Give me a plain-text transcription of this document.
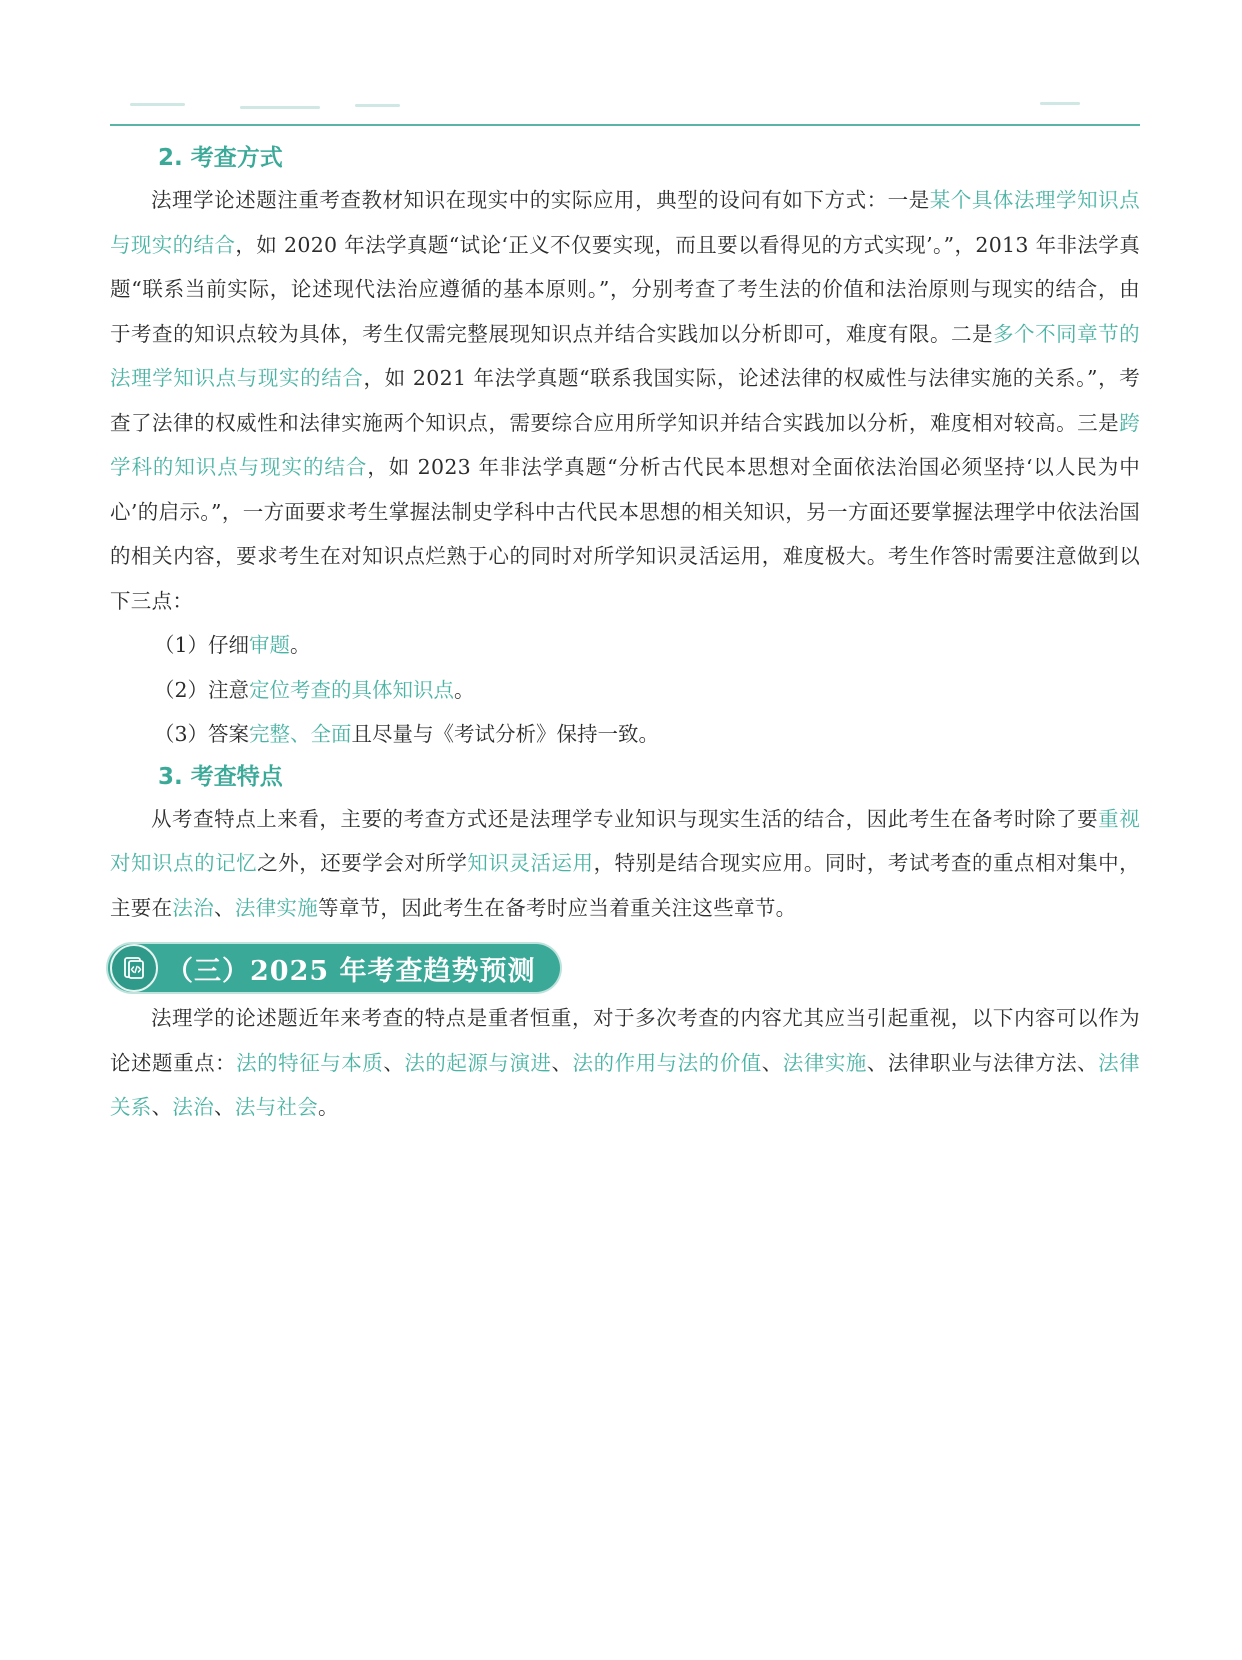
2. 考查方式

法理学论述题注重考查教材知识在现实中的实际应用，典型的设问有如下方式：一是某个具体法理学知识点与现实的结合，如 2020 年法学真题“试论‘正义不仅要实现，而且要以看得见的方式实现’。”，2013 年非法学真题“联系当前实际，论述现代法治应遵循的基本原则。”，分别考查了考生法的价值和法治原则与现实的结合，由于考查的知识点较为具体，考生仅需完整展现知识点并结合实践加以分析即可，难度有限。二是多个不同章节的法理学知识点与现实的结合，如 2021 年法学真题“联系我国实际，论述法律的权威性与法律实施的关系。”，考查了法律的权威性和法律实施两个知识点，需要综合应用所学知识并结合实践加以分析，难度相对较高。三是跨学科的知识点与现实的结合，如 2023 年非法学真题“分析古代民本思想对全面依法治国必须坚持‘以人民为中心’的启示。”，一方面要求考生掌握法制史学科中古代民本思想的相关知识，另一方面还要掌握法理学中依法治国的相关内容，要求考生在对知识点烂熟于心的同时对所学知识灵活运用，难度极大。考生作答时需要注意做到以下三点：

（1）仔细审题。

（2）注意定位考查的具体知识点。

（3）答案完整、全面且尽量与《考试分析》保持一致。

3. 考查特点

从考查特点上来看，主要的考查方式还是法理学专业知识与现实生活的结合，因此考生在备考时除了要重视对知识点的记忆之外，还要学会对所学知识灵活运用，特别是结合现实应用。同时，考试考查的重点相对集中，主要在法治、法律实施等章节，因此考生在备考时应当着重关注这些章节。

（三）2025 年考查趋势预测

法理学的论述题近年来考查的特点是重者恒重，对于多次考查的内容尤其应当引起重视，以下内容可以作为论述题重点：法的特征与本质、法的起源与演进、法的作用与法的价值、法律实施、法律职业与法律方法、法律关系、法治、法与社会。
